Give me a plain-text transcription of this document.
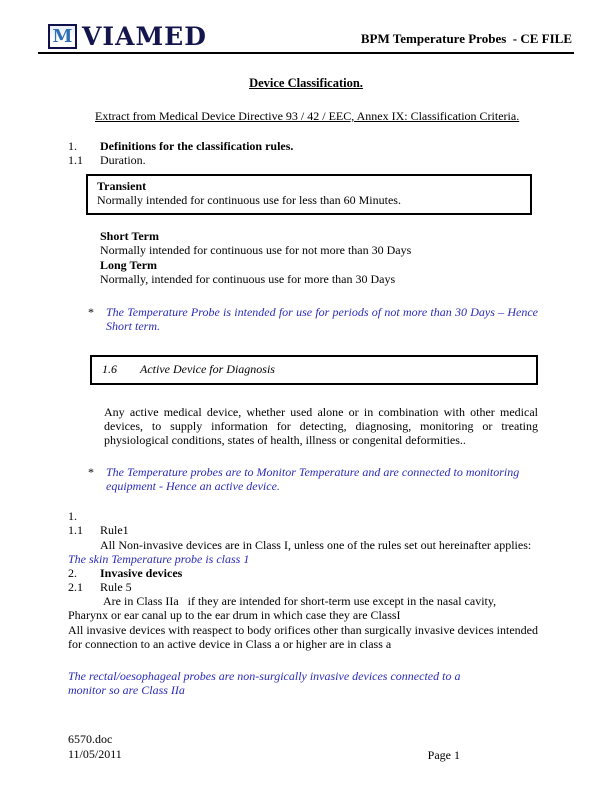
M VIAMED	BPM Temperature Probes  - CE FILE
Device Classification.
Extract from Medical Device Directive 93 / 42 / EEC, Annex IX: Classification Criteria.
1.	Definitions for the classification rules.
1.1	Duration.
Transient
Normally intended for continuous use for less than 60 Minutes.
Short Term
Normally intended for continuous use for not more than 30 Days
Long Term
Normally, intended for continuous use for more than 30 Days
*	The Temperature Probe is intended for use for periods of not more than 30 Days – Hence Short term.
1.6	Active Device for Diagnosis

Any active medical device, whether used alone or in combination with other medical devices, to supply information for detecting, diagnosing, monitoring or treating physiological conditions, states of health, illness or congenital deformities..

*	The Temperature probes are to Monitor Temperature and are connected to monitoring equipment - Hence an active device.
1.
1.1	Rule1
All Non-invasive devices are in Class I, unless one of the rules set out hereinafter applies:
The skin Temperature probe is class 1
2.	Invasive devices
2.1	Rule 5
Are in Class IIa   if they are intended for short-term use except in the nasal cavity,
Pharynx or ear canal up to the ear drum in which case they are ClassI
All invasive devices with reaspect to body orifices other than surgically invasive devices intended for connection to an active device in Class a or higher are in class a
The rectal/oesophageal probes are non-surgically invasive devices connected to a monitor so are Class IIa
6570.doc
11/05/2011	Page 1
